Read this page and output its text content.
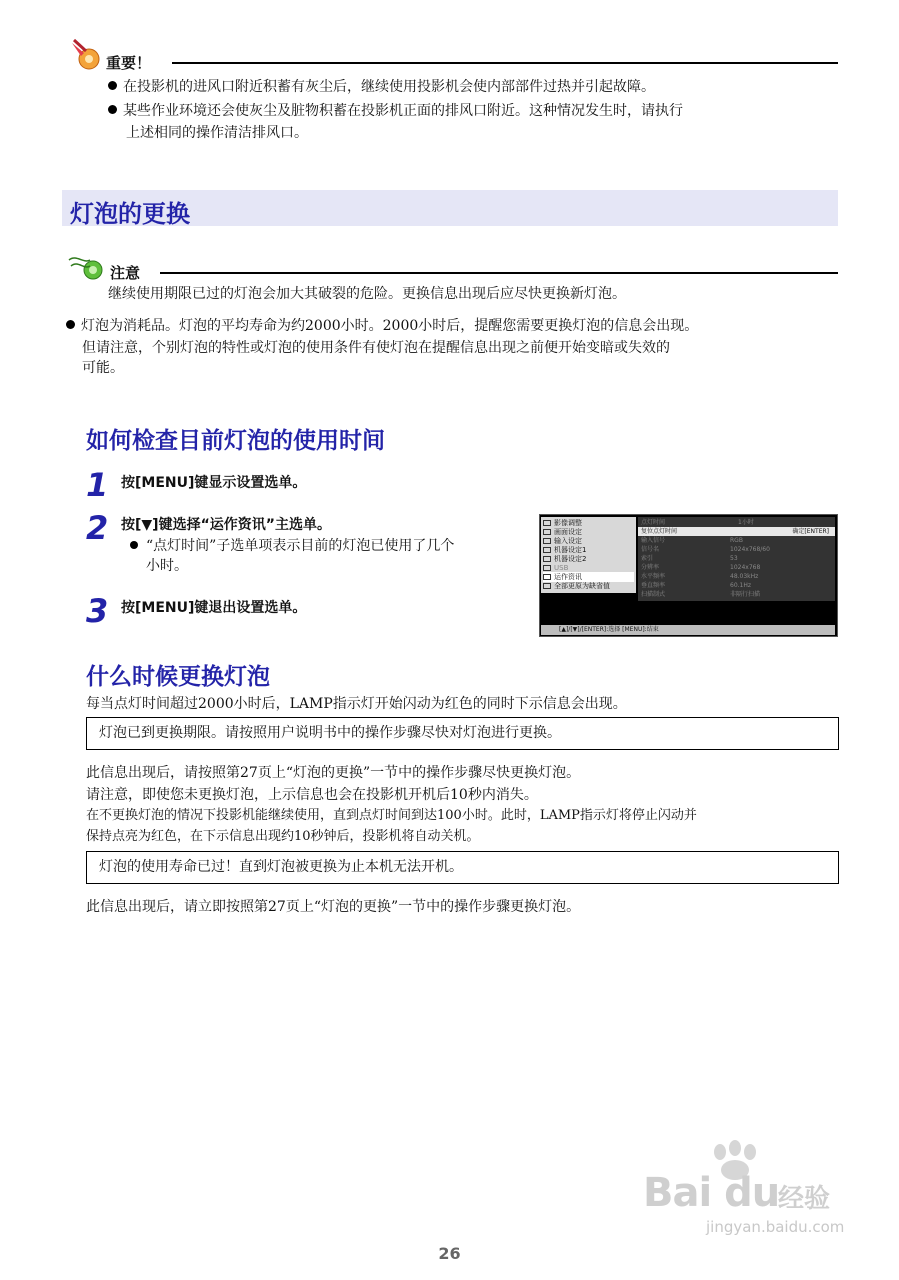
重要！
在投影机的进风口附近积蓄有灰尘后，继续使用投影机会使内部部件过热并引起故障。
某些作业环境还会使灰尘及脏物积蓄在投影机正面的排风口附近。这种情况发生时，请执行
上述相同的操作清洁排风口。
灯泡的更换
注意
继续使用期限已过的灯泡会加大其破裂的危险。更换信息出现后应尽快更换新灯泡。
灯泡为消耗品。灯泡的平均寿命为约2000小时。2000小时后，提醒您需要更换灯泡的信息会出现。
但请注意，个别灯泡的特性或灯泡的使用条件有使灯泡在提醒信息出现之前便开始变暗或失效的
可能。
如何检查目前灯泡的使用时间
1 按[MENU]键显示设置选单。
2 按[▼]键选择“运作资讯”主选单。
“点灯时间”子选单项表示目前的灯泡已使用了几个
小时。
3 按[MENU]键退出设置选单。
影像调整
画面设定
输入设定
机器设定1
机器设定2
USB
运作资讯
全部更原为缺省值
点灯时间	1小时
复位点灯时间	确定[ENTER]
输入信号	RGB
信号名	1024x768/60
索引	53
分辨率	1024x768
水平频率	48.03kHz
垂直频率	60.1Hz
扫描制式	非隔行扫描
[▲]/[▼]/[ENTER]:选择 [MENU]:结束
什么时候更换灯泡
每当点灯时间超过2000小时后，LAMP指示灯开始闪动为红色的同时下示信息会出现。
灯泡已到更换期限。请按照用户说明书中的操作步骤尽快对灯泡进行更换。
此信息出现后，请按照第27页上“灯泡的更换”一节中的操作步骤尽快更换灯泡。
请注意，即使您未更换灯泡，上示信息也会在投影机开机后10秒内消失。
在不更换灯泡的情况下投影机能继续使用，直到点灯时间到达100小时。此时，LAMP指示灯将停止闪动并
保持点亮为红色，在下示信息出现约10秒钟后，投影机将自动关机。
灯泡的使用寿命已过！直到灯泡被更换为止本机无法开机。
此信息出现后，请立即按照第27页上“灯泡的更换”一节中的操作步骤更换灯泡。
Bai du
经验
jingyan.baidu.com
26
